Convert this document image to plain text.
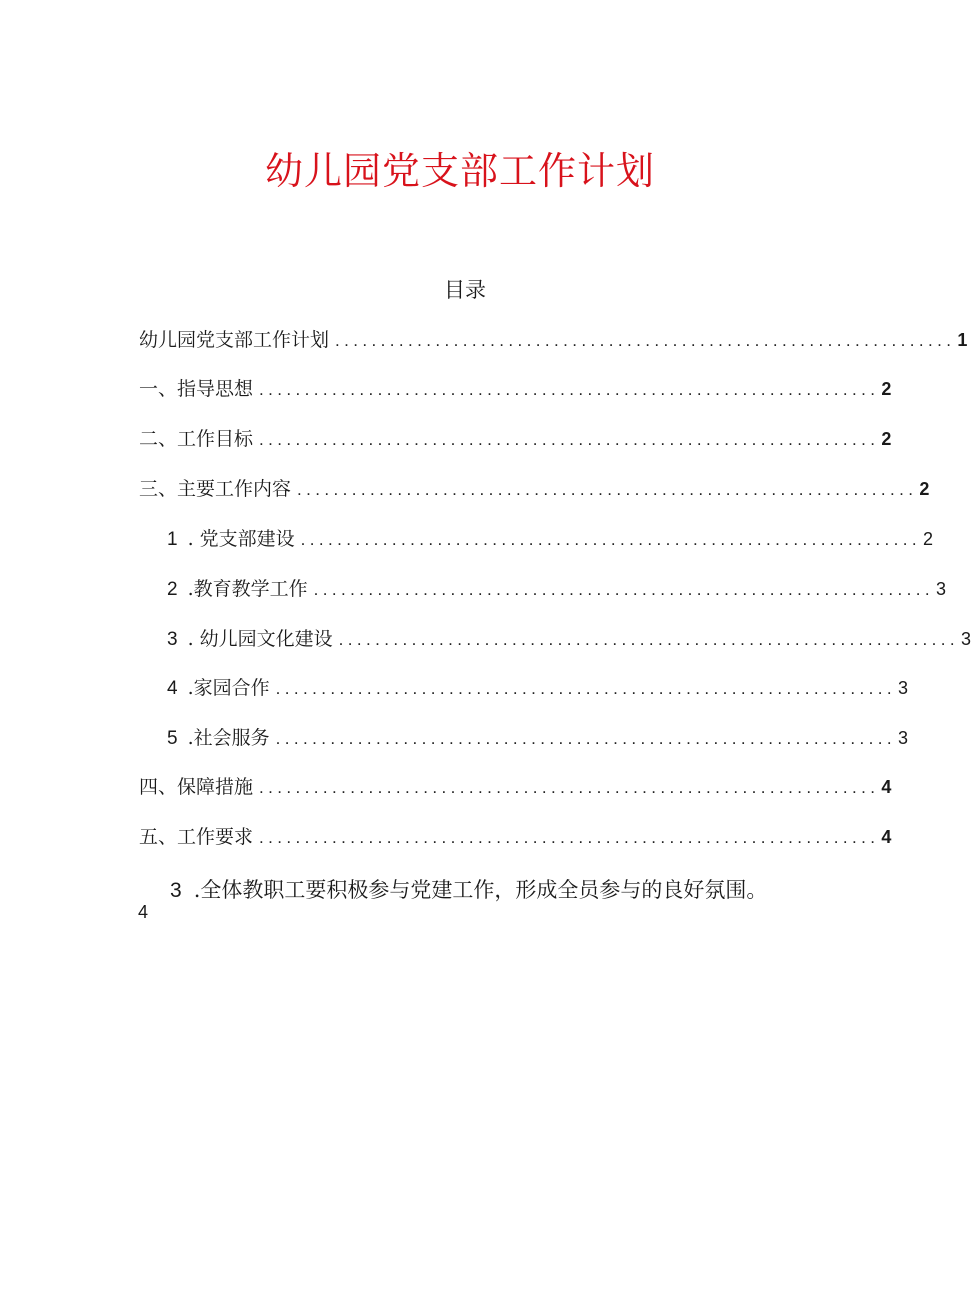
幼儿园党支部工作计划
目录
幼儿园党支部工作计划 .................................................................... 1
一、指导思想 .................................................................... 2
二、工作目标 .................................................................... 2
三、主要工作内容 .................................................................... 2
1 . 党支部建设 .................................................................... 2
2 .教育教学工作 .................................................................... 3
3 . 幼儿园文化建设 .................................................................... 3
4 .家园合作 .................................................................... 3
5 .社会服务 .................................................................... 3
四、保障措施 .................................................................... 4
五、工作要求 .................................................................... 4
3 .全体教职工要积极参与党建工作，形成全员参与的良好氛围。
4
